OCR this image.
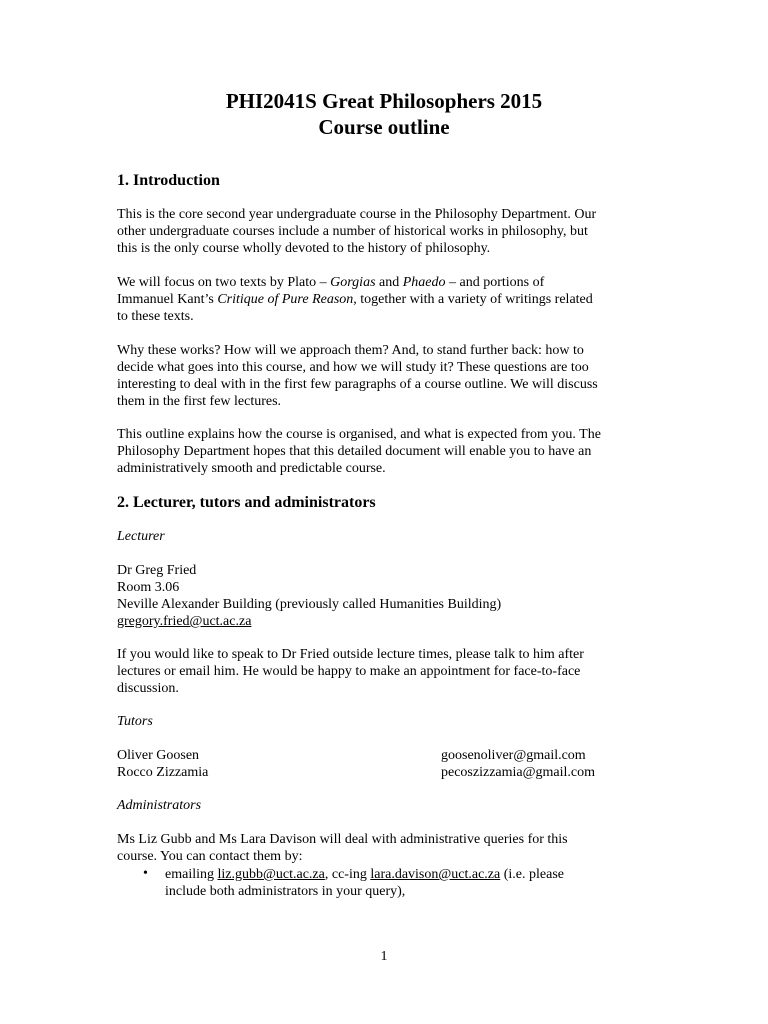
PHI2041S Great Philosophers 2015
Course outline
1. Introduction
This is the core second year undergraduate course in the Philosophy Department. Our
other undergraduate courses include a number of historical works in philosophy, but
this is the only course wholly devoted to the history of philosophy.
We will focus on two texts by Plato – Gorgias and Phaedo – and portions of
Immanuel Kant’s Critique of Pure Reason, together with a variety of writings related
to these texts.
Why these works? How will we approach them? And, to stand further back: how to
decide what goes into this course, and how we will study it? These questions are too
interesting to deal with in the first few paragraphs of a course outline. We will discuss
them in the first few lectures.
This outline explains how the course is organised, and what is expected from you. The
Philosophy Department hopes that this detailed document will enable you to have an
administratively smooth and predictable course.
2. Lecturer, tutors and administrators
Lecturer
Dr Greg Fried
Room 3.06
Neville Alexander Building (previously called Humanities Building)
gregory.fried@uct.ac.za
If you would like to speak to Dr Fried outside lecture times, please talk to him after
lectures or email him. He would be happy to make an appointment for face-to-face
discussion.
Tutors
Oliver Goosen	goosenoliver@gmail.com
Rocco Zizzamia	pecoszizzamia@gmail.com
Administrators
Ms Liz Gubb and Ms Lara Davison will deal with administrative queries for this
course. You can contact them by:
• emailing liz.gubb@uct.ac.za, cc-ing lara.davison@uct.ac.za (i.e. please
include both administrators in your query),
1
